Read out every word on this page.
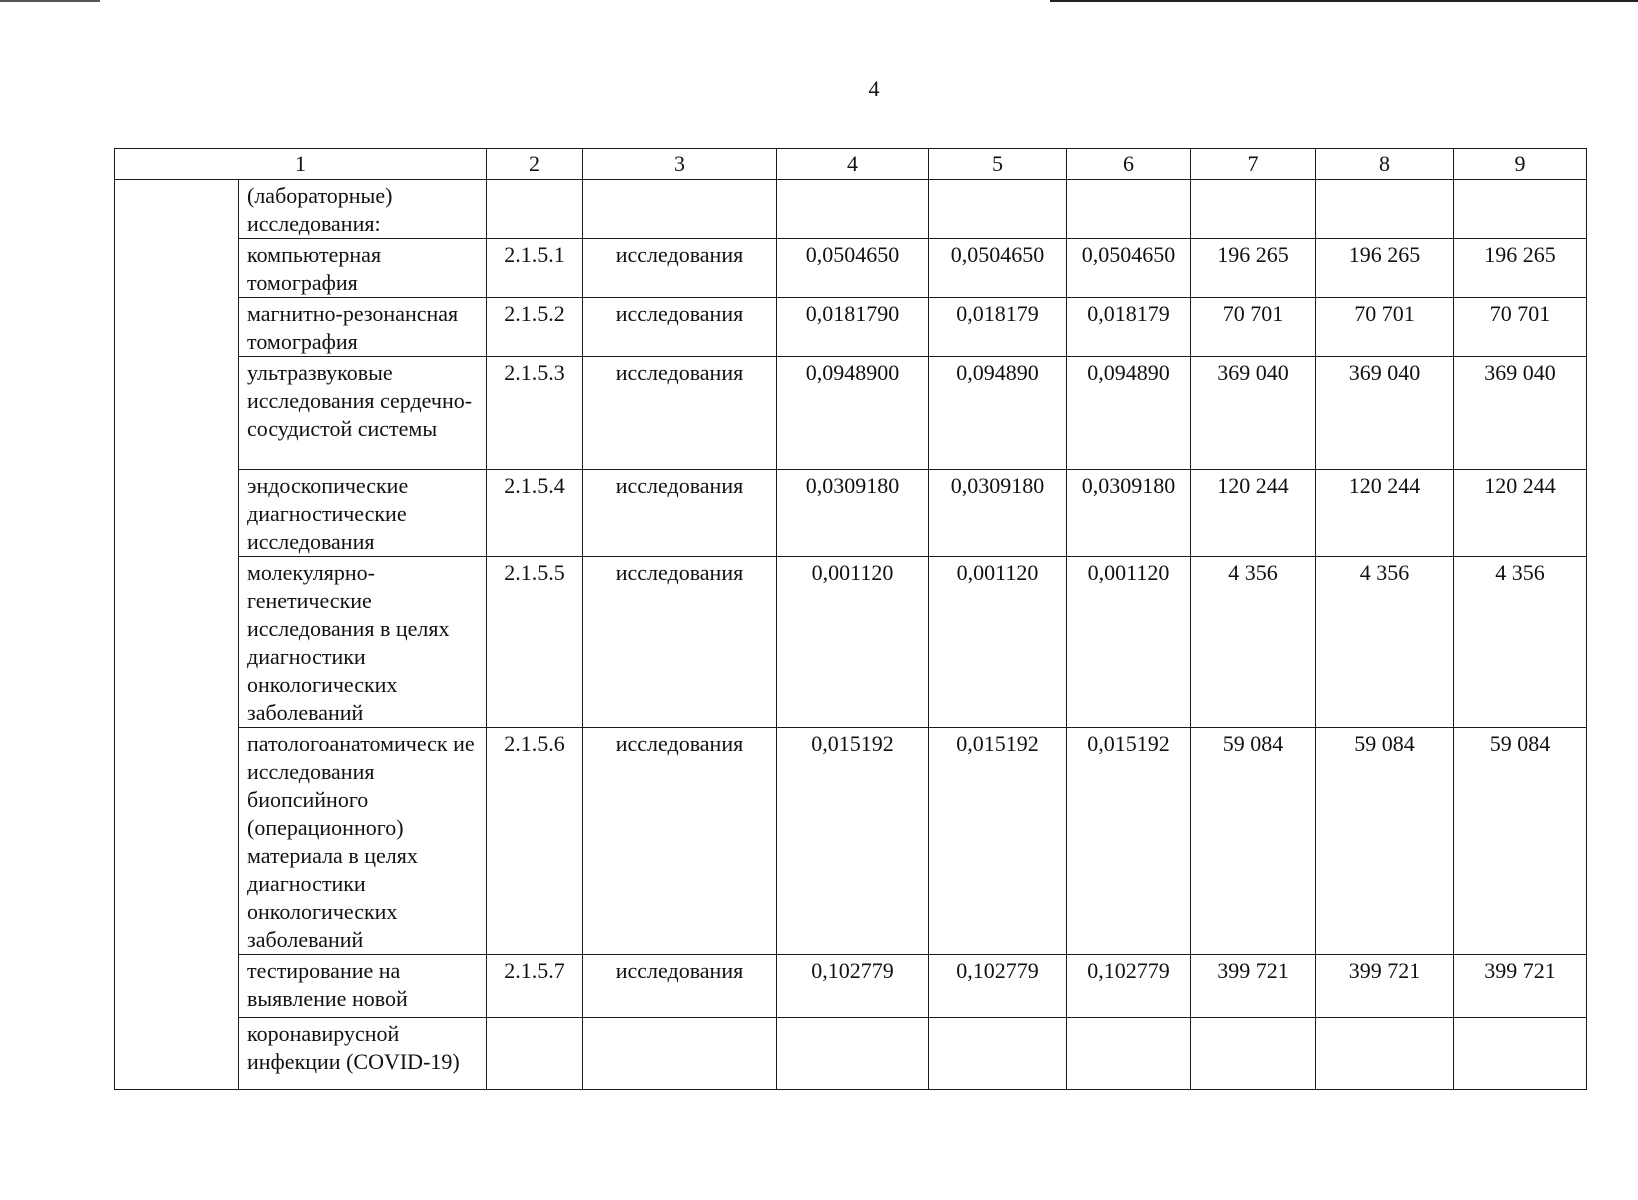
4
1		2	3	4	5	6	7	8	9
	(лабораторные) исследования:								
	компьютерная томография	2.1.5.1	исследования	0,0504650	0,0504650	0,0504650	196 265	196 265	196 265
	магнитно-резонансная томография	2.1.5.2	исследования	0,0181790	0,018179	0,018179	70 701	70 701	70 701
	ультразвуковые исследования сердечно-сосудистой системы	2.1.5.3	исследования	0,0948900	0,094890	0,094890	369 040	369 040	369 040
	эндоскопические диагностические исследования	2.1.5.4	исследования	0,0309180	0,0309180	0,0309180	120 244	120 244	120 244
	молекулярно-генетические исследования в целях диагностики онкологических заболеваний	2.1.5.5	исследования	0,001120	0,001120	0,001120	4 356	4 356	4 356
	патологоанатомическ ие исследования биопсийного (операционного) материала в целях диагностики онкологических заболеваний	2.1.5.6	исследования	0,015192	0,015192	0,015192	59 084	59 084	59 084
	тестирование на выявление новой	2.1.5.7	исследования	0,102779	0,102779	0,102779	399 721	399 721	399 721
	коронавирусной инфекции (COVID-19)								
